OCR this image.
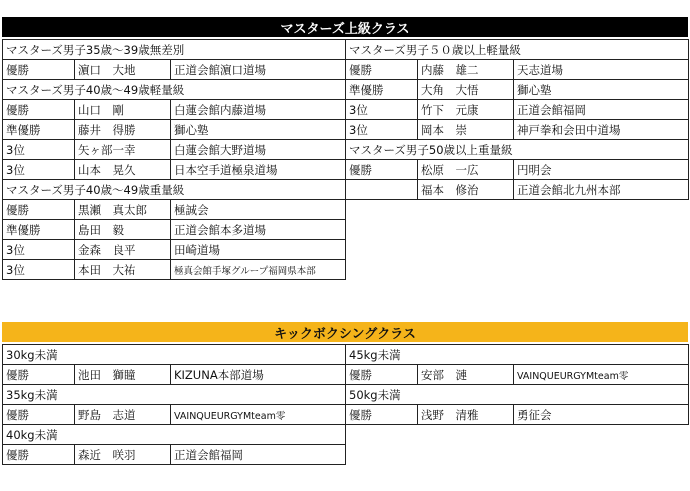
マスターズ上級クラス
マスターズ男子35歳〜39歳無差別		
優勝	濵口　大地	正道会館濵口道場
マスターズ男子40歳〜49歳軽量級		
優勝	山口　剛	白蓮会館内藤道場
準優勝	藤井　得勝	獅心塾
3位	矢ヶ部一幸	白蓮会館大野道場
3位	山本　晃久	日本空手道極泉道場
マスターズ男子40歳〜49歳重量級		
優勝	黒瀬　真太郎	極誠会
準優勝	島田　毅	正道会館本多道場
3位	金森　良平	田崎道場
3位	本田　大祐	極真会館手塚グループ福岡県本部
マスターズ男子５０歳以上軽量級		
優勝	内藤　雄二	天志道場
準優勝	大角　大悟	獅心塾
3位	竹下　元康	正道会館福岡
3位	岡本　崇	神戸拳和会田中道場
マスターズ男子50歳以上重量級		
優勝	松原　一広	円明会
	福本　修治	正道会館北九州本部
キックボクシングクラス
30kg未満		
優勝	池田　獅瞳	KIZUNA本部道場
35kg未満		
優勝	野島　志道	VAINQUEURGYMteam零
40kg未満		
優勝	森近　咲羽	正道会館福岡
45kg未満		
優勝	安部　漣	VAINQUEURGYMteam零
50kg未満		
優勝	浅野　清雅	勇征会
